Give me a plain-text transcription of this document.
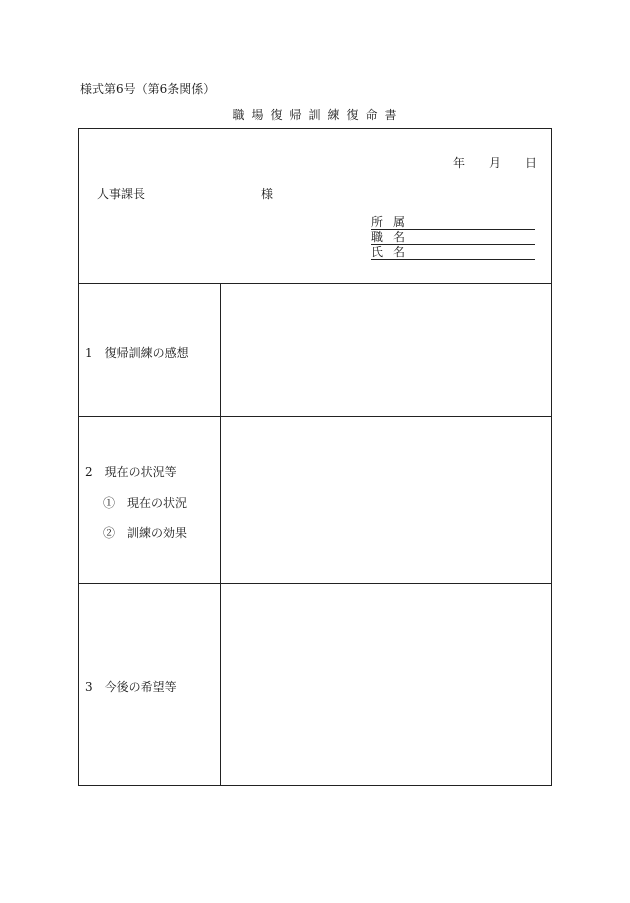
様式第6号（第6条関係）
職場復帰訓練復命書
年 月 日
人事課長	様
所属
職名
氏名
1　復帰訓練の感想
2　現在の状況等
①　現在の状況
②　訓練の効果
3　今後の希望等
